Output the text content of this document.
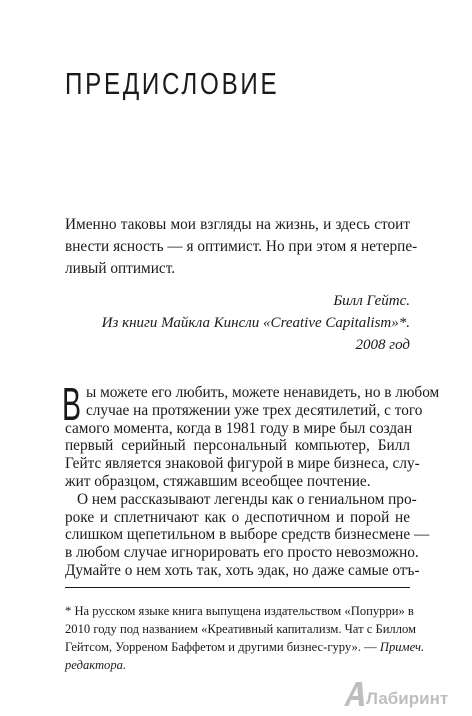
ПРЕДИСЛОВИЕ
Именно таковы мои взгляды на жизнь, и здесь стоит
внести ясность — я оптимист. Но при этом я нетерпе-
ливый оптимист.
Билл Гейтс.
Из книги Майкла Кинсли «Creative Capitalism»*.
2008 год
В ы можете его любить, можете ненавидеть, но в любом
случае на протяжении уже трех десятилетий, с того
самого момента, когда в 1981 году в мире был создан
первый серийный персональный компьютер, Билл
Гейтс является знаковой фигурой в мире бизнеса, слу-
жит образцом, стяжавшим всеобщее почтение.
О нем рассказывают легенды как о гениальном про-
роке и сплетничают как о деспотичном и порой не
слишком щепетильном в выборе средств бизнесмене —
в любом случае игнорировать его просто невозможно.
Думайте о нем хоть так, хоть эдак, но даже самые отъ-
* На русском языке книга выпущена издательством «Попурри» в
2010 году под названием «Креативный капитализм. Чат с Биллом
Гейтсом, Уорреном Баффетом и другими бизнес-гуру». — Примеч.
редактора.
Лабиринт
